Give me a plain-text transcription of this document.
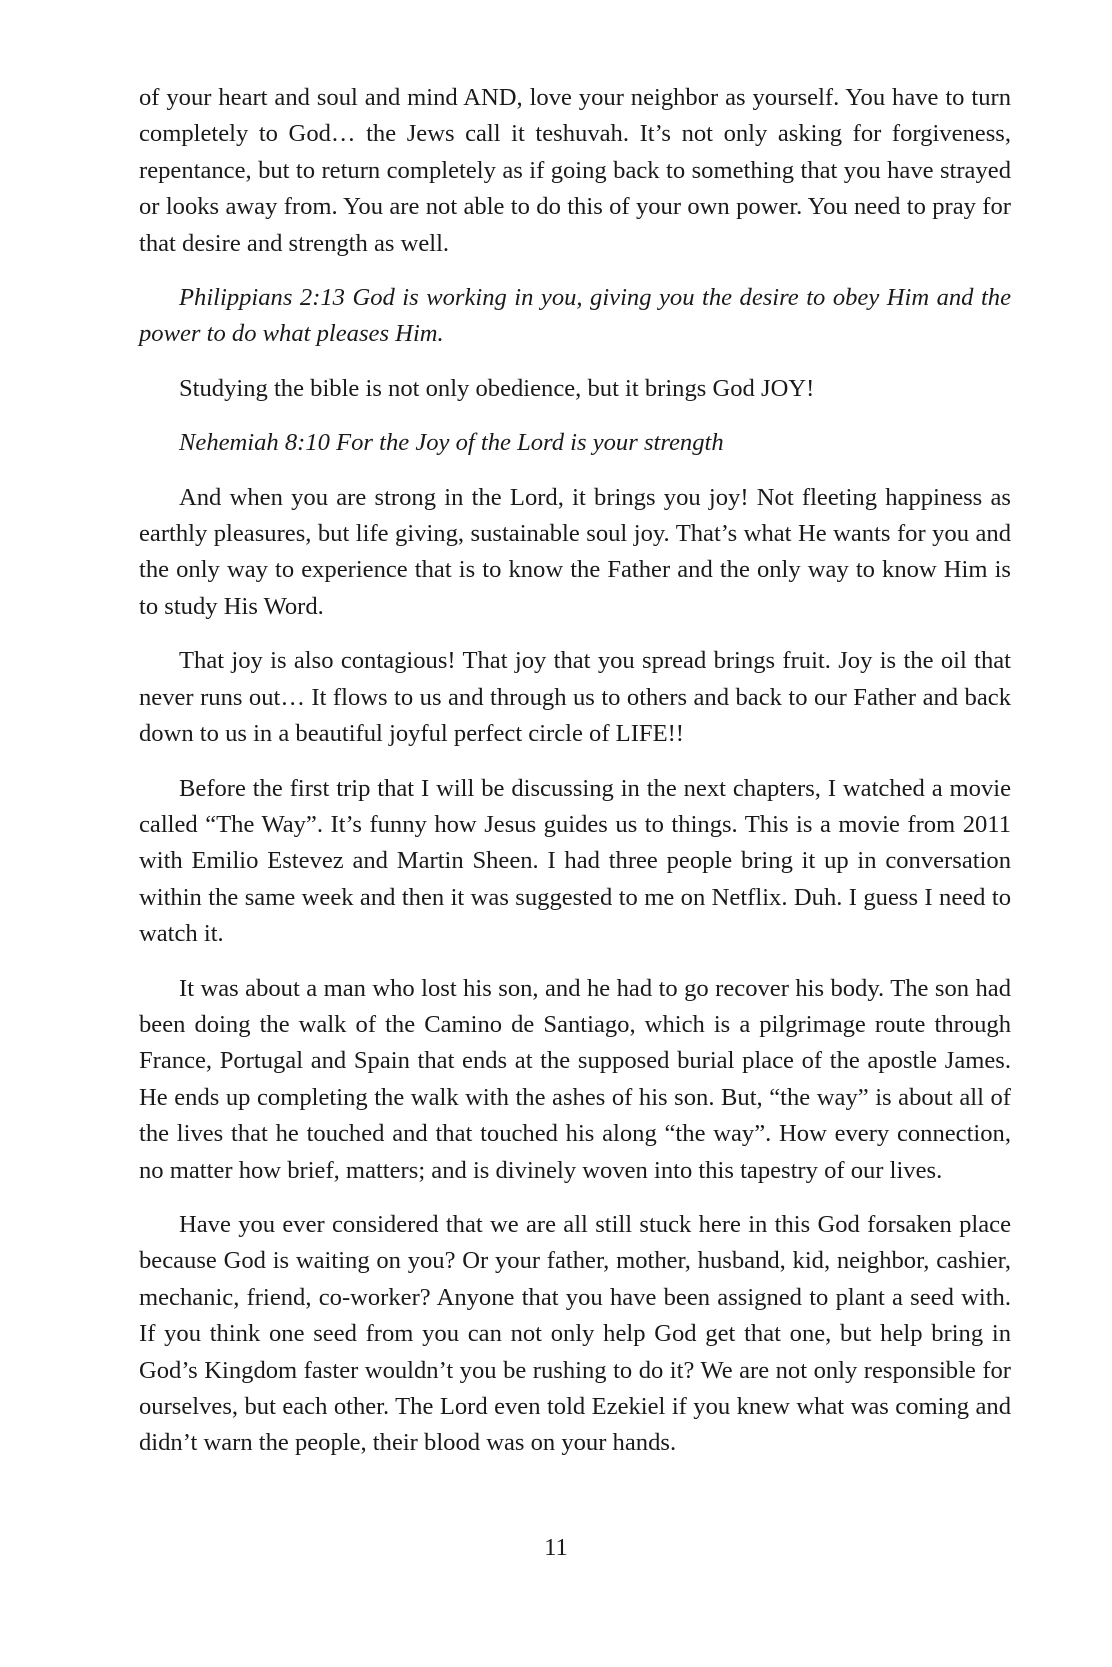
of your heart and soul and mind AND, love your neighbor as yourself. You have to turn completely to God… the Jews call it teshuvah. It’s not only asking for forgiveness, repentance, but to return completely as if going back to something that you have strayed or looks away from. You are not able to do this of your own power. You need to pray for that desire and strength as well.

Philippians 2:13 God is working in you, giving you the desire to obey Him and the power to do what pleases Him.

Studying the bible is not only obedience, but it brings God JOY!

Nehemiah 8:10 For the Joy of the Lord is your strength

And when you are strong in the Lord, it brings you joy! Not fleeting happiness as earthly pleasures, but life giving, sustainable soul joy. That’s what He wants for you and the only way to experience that is to know the Father and the only way to know Him is to study His Word.

That joy is also contagious! That joy that you spread brings fruit. Joy is the oil that never runs out… It flows to us and through us to others and back to our Father and back down to us in a beautiful joyful perfect circle of LIFE!!

Before the first trip that I will be discussing in the next chapters, I watched a movie called “The Way”. It’s funny how Jesus guides us to things. This is a movie from 2011 with Emilio Estevez and Martin Sheen. I had three people bring it up in conversation within the same week and then it was suggested to me on Netflix. Duh. I guess I need to watch it.

It was about a man who lost his son, and he had to go recover his body. The son had been doing the walk of the Camino de Santiago, which is a pilgrimage route through France, Portugal and Spain that ends at the supposed burial place of the apostle James. He ends up completing the walk with the ashes of his son. But, “the way” is about all of the lives that he touched and that touched his along “the way”. How every connection, no matter how brief, matters; and is divinely woven into this tapestry of our lives.

Have you ever considered that we are all still stuck here in this God forsaken place because God is waiting on you? Or your father, mother, husband, kid, neighbor, cashier, mechanic, friend, co-worker? Anyone that you have been assigned to plant a seed with. If you think one seed from you can not only help God get that one, but help bring in God’s Kingdom faster wouldn’t you be rushing to do it? We are not only responsible for ourselves, but each other. The Lord even told Ezekiel if you knew what was coming and didn’t warn the people, their blood was on your hands.

11
